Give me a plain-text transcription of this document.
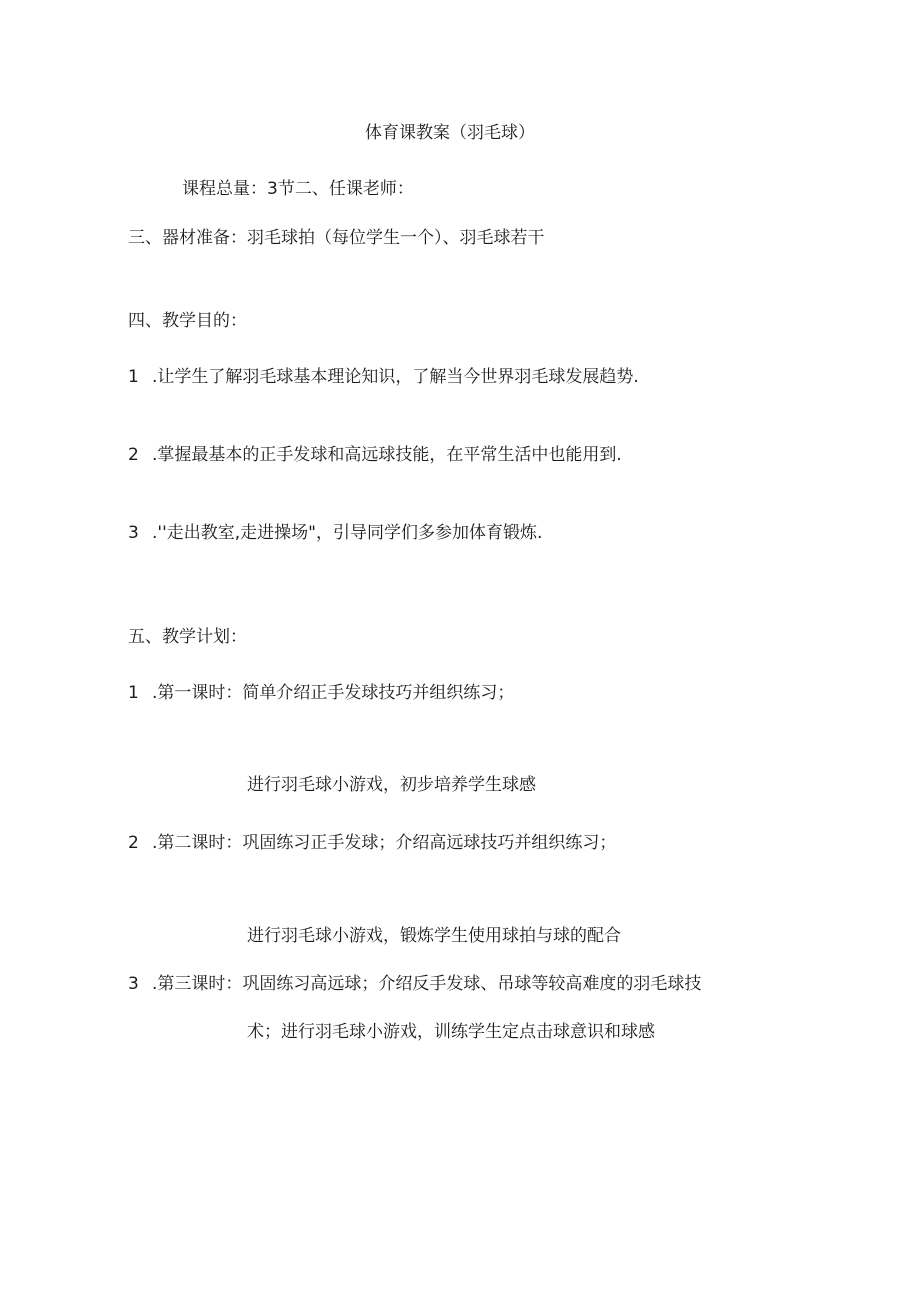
体育课教案（羽毛球）
课程总量：3节二、任课老师：
三、器材准备：羽毛球拍（每位学生一个）、羽毛球若干
四、教学目的：
1 .让学生了解羽毛球基本理论知识，了解当今世界羽毛球发展趋势.
2 .掌握最基本的正手发球和高远球技能，在平常生活中也能用到.
3 .''走出教室,走进操场"，引导同学们多参加体育锻炼.
五、教学计划：
1 .第一课时：简单介绍正手发球技巧并组织练习；
进行羽毛球小游戏，初步培养学生球感
2 .第二课时：巩固练习正手发球；介绍高远球技巧并组织练习；
进行羽毛球小游戏，锻炼学生使用球拍与球的配合
3 .第三课时：巩固练习高远球；介绍反手发球、吊球等较高难度的羽毛球技
术；进行羽毛球小游戏，训练学生定点击球意识和球感
